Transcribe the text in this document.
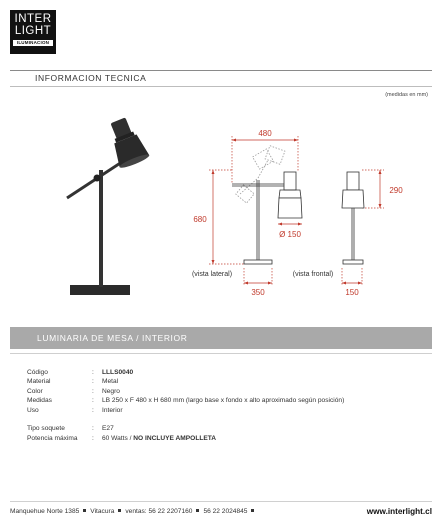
INTER
LIGHT
ILUMINACION
INFORMACION TECNICA
(medidas en mm)
480
680
Ø 150
350
290
150
(vista lateral)	(vista frontal)
LUMINARIA DE MESA / INTERIOR
Código	:	LLLS0040
Material	:	Metal
Color	:	Negro
Medidas	:	LB 250 x F 480 x H 680 mm (largo base x fondo x alto aproximado según posición)
Uso	:	Interior
Tipo soquete	:	E27
Potencia máxima	:	60 Watts /
NO INCLUYE AMPOLLETA
Manquehue Norte 1385 Vitacura ventas: 56 22 2207160 56 22 2024845	www.interlight.cl
